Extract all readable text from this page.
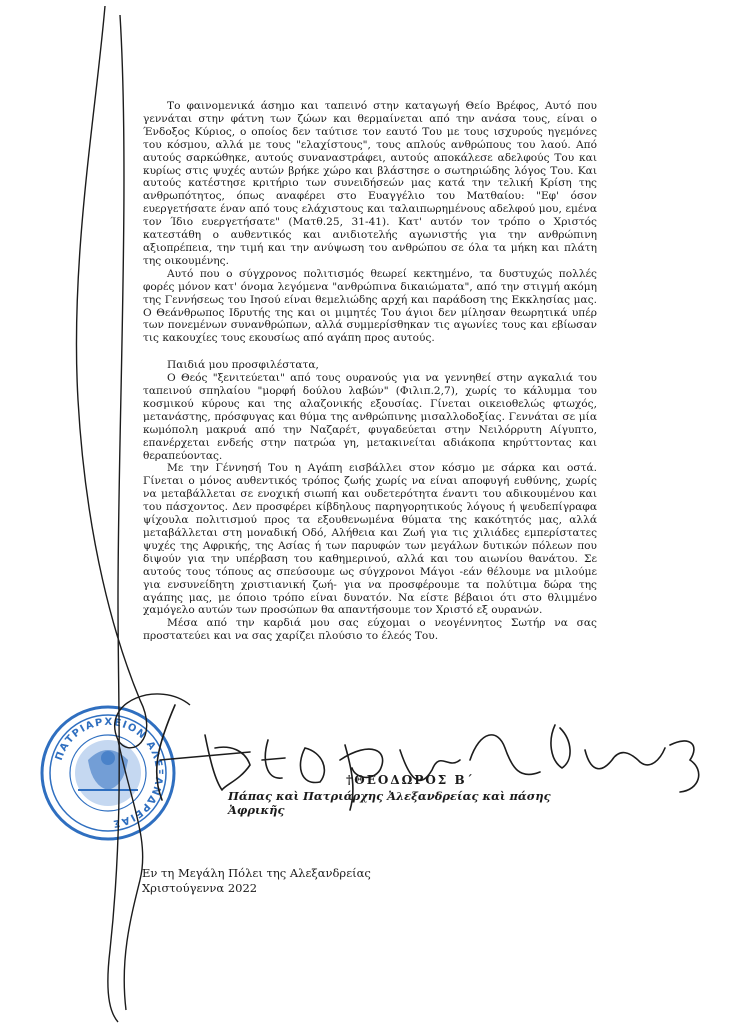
Το φαινομενικά άσημο και ταπεινό στην καταγωγή Θείο Βρέφος, Αυτό που γεννάται στην φάτνη των ζώων και θερμαίνεται από την ανάσα τους, είναι ο Ένδοξος Κύριος, ο οποίος δεν ταύτισε τον εαυτό Του με τους ισχυρούς ηγεμόνες του κόσμου, αλλά με τους "ελαχίστους", τους απλούς ανθρώπους του λαού. Από αυτούς σαρκώθηκε, αυτούς συναναστράφει, αυτούς αποκάλεσε αδελφούς Του και κυρίως στις ψυχές αυτών βρήκε χώρο και βλάστησε ο σωτηριώδης λόγος Του. Και αυτούς κατέστησε κριτήριο των συνειδήσεών μας κατά την τελική Κρίση της ανθρωπότητος, όπως αναφέρει στο Ευαγγέλιο του Ματθαίου: "Εφ' όσον ευεργετήσατε έναν από τους ελάχιστους και ταλαιπωρημένους αδελφού μου, εμένα τον Ίδιο ευεργετήσατε" (Ματθ.25, 31-41). Κατ' αυτόν τον τρόπο ο Χριστός κατεστάθη ο αυθεντικός και ανιδιοτελής αγωνιστής για την ανθρώπινη αξιοπρέπεια, την τιμή και την ανύψωση του ανθρώπου σε όλα τα μήκη και πλάτη της οικουμένης.

Αυτό που ο σύγχρονος πολιτισμός θεωρεί κεκτημένο, τα δυστυχώς πολλές φορές μόνον κατ' όνομα λεγόμενα "ανθρώπινα δικαιώματα", από την στιγμή ακόμη της Γεννήσεως του Ιησού είναι θεμελιώδης αρχή και παράδοση της Εκκλησίας μας. Ο Θεάνθρωπος Ιδρυτής της και οι μιμητές Του άγιοι δεν μίλησαν θεωρητικά υπέρ των πονεμένων συνανθρώπων, αλλά συμμερίσθηκαν τις αγωνίες τους και εβίωσαν τις κακουχίες τους εκουσίως από αγάπη προς αυτούς.

Παιδιά μου προσφιλέστατα,

Ο Θεός "ξενιτεύεται" από τους ουρανούς για να γεννηθεί στην αγκαλιά του ταπεινού σπηλαίου "μορφή δούλου λαβών" (Φιλιπ.2,7), χωρίς το κάλυμμα του κοσμικού κύρους και της αλαζονικής εξουσίας. Γίνεται οικειοθελώς φτωχός, μετανάστης, πρόσφυγας και θύμα της ανθρώπινης μισαλλοδοξίας. Γεννάται σε μία κωμόπολη μακρυά από την Ναζαρέτ, φυγαδεύεται στην Νειλόρρυτη Αίγυπτο, επανέρχεται ενδεής στην πατρώα γη, μετακινείται αδιάκοπα κηρύττοντας και θεραπεύοντας.

Με την Γέννησή Του η Αγάπη εισβάλλει στον κόσμο με σάρκα και οστά. Γίνεται ο μόνος αυθεντικός τρόπος ζωής χωρίς να είναι αποφυγή ευθύνης, χωρίς να μεταβάλλεται σε ενοχική σιωπή και ουδετερότητα έναντι του αδικουμένου και του πάσχοντος. Δεν προσφέρει κίβδηλους παρηγορητικούς λόγους ή ψευδεπίγραφα ψίχουλα πολιτισμού προς τα εξουθενωμένα θύματα της κακότητός μας, αλλά μεταβάλλεται στη μοναδική Οδό, Αλήθεια και Ζωή για τις χιλιάδες εμπερίστατες ψυχές της Αφρικής, της Ασίας ή των παρυφών των μεγάλων δυτικών πόλεων που διψούν για την υπέρβαση του καθημερινού, αλλά και του αιωνίου θανάτου. Σε αυτούς τους τόπους ας σπεύσουμε ως σύγχρονοι Μάγοι -εάν θέλουμε να μιλούμε για ενσυνείδητη χριστιανική ζωή- για να προσφέρουμε τα πολύτιμα δώρα της αγάπης μας, με όποιο τρόπο είναι δυνατόν. Να είστε βέβαιοι ότι στο θλιμμένο χαμόγελο αυτών των προσώπων θα απαντήσουμε τον Χριστό εξ ουρανών.

Μέσα από την καρδιά μου σας εύχομαι ο νεογέννητος Σωτήρ να σας προστατεύει και να σας χαρίζει πλούσιο το έλεός Του.

ΠΑΤΡΙΑΡΧΕΙΟΝ ΑΛΕΞΑΝΔΡΕΙΑΣ
†ΘΕΟΔΩΡΟΣ Β΄
Πάπας καὶ Πατριάρχης Ἀλεξανδρείας καὶ πάσης Ἀφρικῆς
Εν τη Μεγάλη Πόλει της Αλεξανδρείας
Χριστούγεννα 2022
